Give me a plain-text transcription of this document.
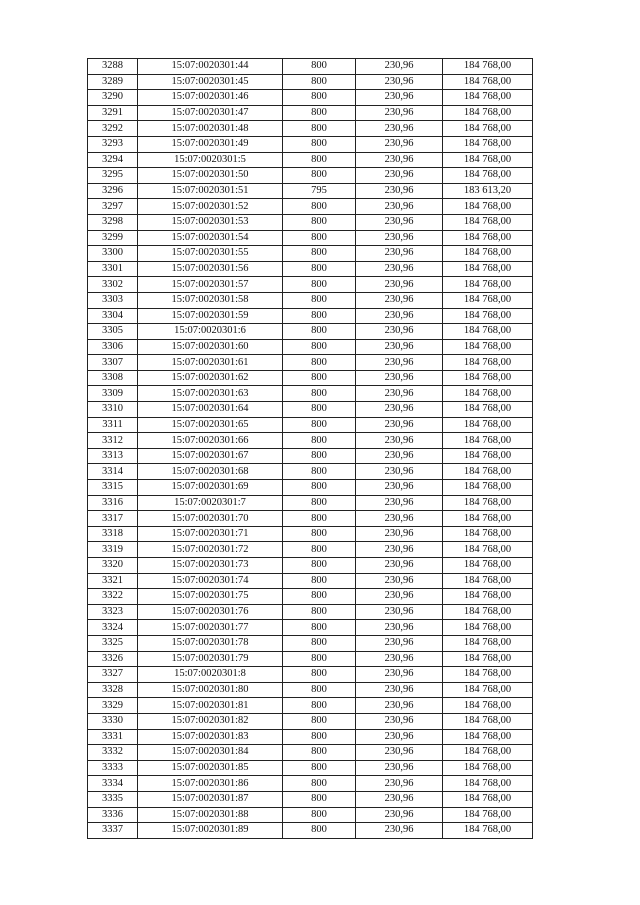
3288	15:07:0020301:44	800	230,96	184 768,00
3289	15:07:0020301:45	800	230,96	184 768,00
3290	15:07:0020301:46	800	230,96	184 768,00
3291	15:07:0020301:47	800	230,96	184 768,00
3292	15:07:0020301:48	800	230,96	184 768,00
3293	15:07:0020301:49	800	230,96	184 768,00
3294	15:07:0020301:5	800	230,96	184 768,00
3295	15:07:0020301:50	800	230,96	184 768,00
3296	15:07:0020301:51	795	230,96	183 613,20
3297	15:07:0020301:52	800	230,96	184 768,00
3298	15:07:0020301:53	800	230,96	184 768,00
3299	15:07:0020301:54	800	230,96	184 768,00
3300	15:07:0020301:55	800	230,96	184 768,00
3301	15:07:0020301:56	800	230,96	184 768,00
3302	15:07:0020301:57	800	230,96	184 768,00
3303	15:07:0020301:58	800	230,96	184 768,00
3304	15:07:0020301:59	800	230,96	184 768,00
3305	15:07:0020301:6	800	230,96	184 768,00
3306	15:07:0020301:60	800	230,96	184 768,00
3307	15:07:0020301:61	800	230,96	184 768,00
3308	15:07:0020301:62	800	230,96	184 768,00
3309	15:07:0020301:63	800	230,96	184 768,00
3310	15:07:0020301:64	800	230,96	184 768,00
3311	15:07:0020301:65	800	230,96	184 768,00
3312	15:07:0020301:66	800	230,96	184 768,00
3313	15:07:0020301:67	800	230,96	184 768,00
3314	15:07:0020301:68	800	230,96	184 768,00
3315	15:07:0020301:69	800	230,96	184 768,00
3316	15:07:0020301:7	800	230,96	184 768,00
3317	15:07:0020301:70	800	230,96	184 768,00
3318	15:07:0020301:71	800	230,96	184 768,00
3319	15:07:0020301:72	800	230,96	184 768,00
3320	15:07:0020301:73	800	230,96	184 768,00
3321	15:07:0020301:74	800	230,96	184 768,00
3322	15:07:0020301:75	800	230,96	184 768,00
3323	15:07:0020301:76	800	230,96	184 768,00
3324	15:07:0020301:77	800	230,96	184 768,00
3325	15:07:0020301:78	800	230,96	184 768,00
3326	15:07:0020301:79	800	230,96	184 768,00
3327	15:07:0020301:8	800	230,96	184 768,00
3328	15:07:0020301:80	800	230,96	184 768,00
3329	15:07:0020301:81	800	230,96	184 768,00
3330	15:07:0020301:82	800	230,96	184 768,00
3331	15:07:0020301:83	800	230,96	184 768,00
3332	15:07:0020301:84	800	230,96	184 768,00
3333	15:07:0020301:85	800	230,96	184 768,00
3334	15:07:0020301:86	800	230,96	184 768,00
3335	15:07:0020301:87	800	230,96	184 768,00
3336	15:07:0020301:88	800	230,96	184 768,00
3337	15:07:0020301:89	800	230,96	184 768,00
